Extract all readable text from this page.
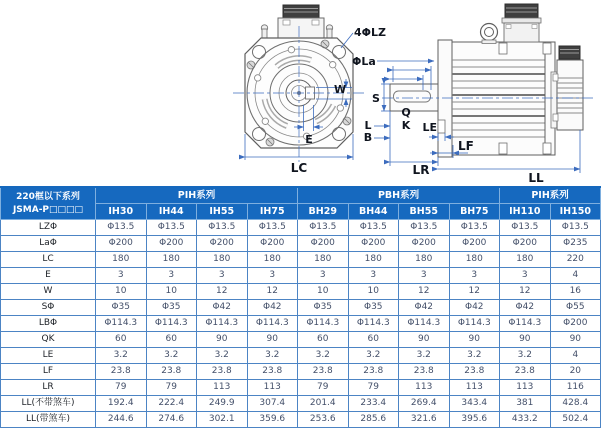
4ΦLZ
ΦLa
W
E
LC
S
Q
K
L
B
LE
LF
LR
LL
220框以下系列
JSMA-P□□□□	PIH系列				PBH系列				PIH系列	
	IH30	IH44	IH55	IH75	BH29	BH44	BH55	BH75	IH110	IH150
LZΦ	Φ13.5	Φ13.5	Φ13.5	Φ13.5	Φ13.5	Φ13.5	Φ13.5	Φ13.5	Φ13.5	Φ13.5
LaΦ	Φ200	Φ200	Φ200	Φ200	Φ200	Φ200	Φ200	Φ200	Φ200	Φ235
LC	180	180	180	180	180	180	180	180	180	220
E	3	3	3	3	3	3	3	3	3	4
W	10	10	12	12	10	10	12	12	12	16
SΦ	Φ35	Φ35	Φ42	Φ42	Φ35	Φ35	Φ42	Φ42	Φ42	Φ55
LBΦ	Φ114.3	Φ114.3	Φ114.3	Φ114.3	Φ114.3	Φ114.3	Φ114.3	Φ114.3	Φ114.3	Φ200
QK	60	60	90	90	60	60	90	90	90	90
LE	3.2	3.2	3.2	3.2	3.2	3.2	3.2	3.2	3.2	4
LF	23.8	23.8	23.8	23.8	23.8	23.8	23.8	23.8	23.8	20
LR	79	79	113	113	79	79	113	113	113	116
LL(不带煞车)	192.4	222.4	249.9	307.4	201.4	233.4	269.4	343.4	381	428.4
LL(带煞车)	244.6	274.6	302.1	359.6	253.6	285.6	321.6	395.6	433.2	502.4
